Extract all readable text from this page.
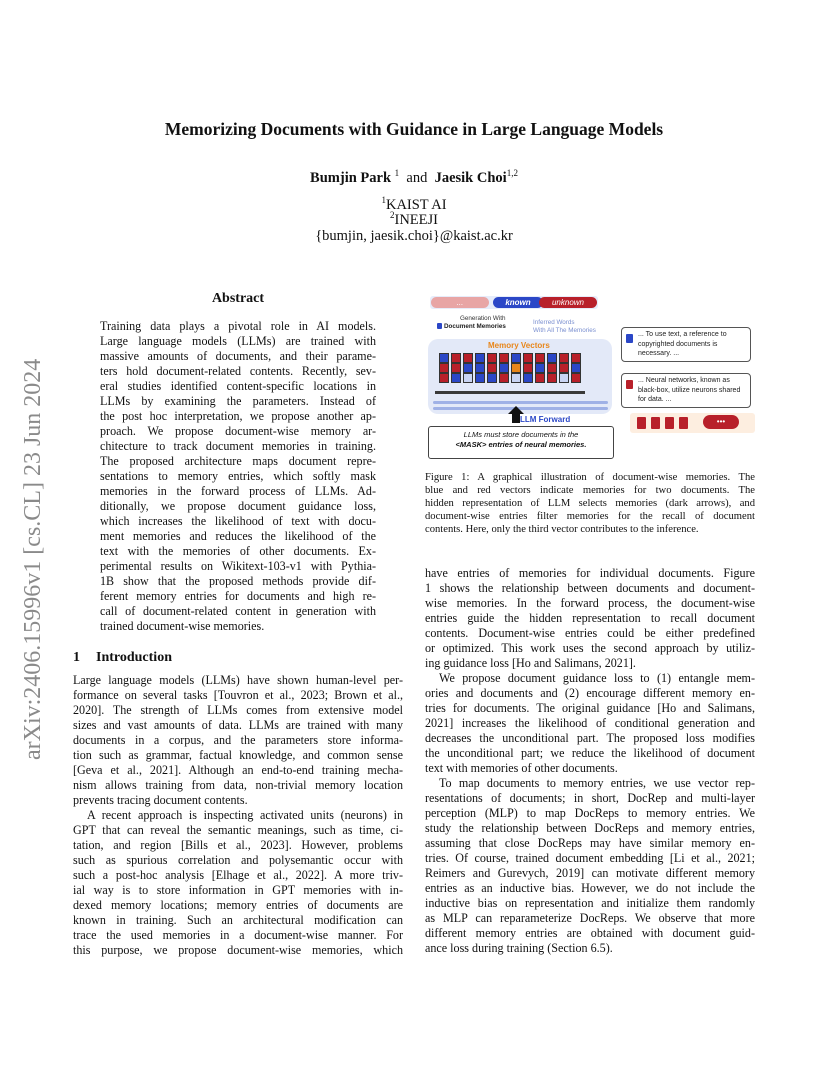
arXiv:2406.15996v1 [cs.CL] 23 Jun 2024
Memorizing Documents with Guidance in Large Language Models
Bumjin Park $^1$ and Jaesik Choi$^{1,2}$
$^1$KAIST AI
$^2$INEEJI
{bumjin, jaesik.choi}@kaist.ac.kr
Abstract
Training data plays a pivotal role in AI models.
Large language models (LLMs) are trained with
massive amounts of documents, and their parame-
ters hold document-related contents. Recently, sev-
eral studies identified content-specific locations in
LLMs by examining the parameters. Instead of
the post hoc interpretation, we propose another ap-
proach. We propose document-wise memory ar-
chitecture to track document memories in training.
The proposed architecture maps document repre-
sentations to memory entries, which softly mask
memories in the forward process of LLMs. Ad-
ditionally, we propose document guidance loss,
which increases the likelihood of text with docu-
ment memories and reduces the likelihood of the
text with the memories of other documents. Ex-
perimental results on Wikitext-103-v1 with Pythia-
1B show that the proposed methods provide dif-
ferent memory entries for documents and high re-
call of document-related content in generation with
trained document-wise memories.
1 Introduction
Large language models (LLMs) have shown human-level per-
formance on several tasks [Touvron et al., 2023; Brown et al.,
2020]. The strength of LLMs comes from extensive model
sizes and vast amounts of data. LLMs are trained with many
documents in a corpus, and the parameters store informa-
tion such as grammar, factual knowledge, and common sense
[Geva et al., 2021]. Although an end-to-end training mecha-
nism allows training from data, non-trivial memory location
prevents tracing document contents.
A recent approach is inspecting activated units (neurons) in
GPT that can reveal the semantic meanings, such as time, ci-
tation, and region [Bills et al., 2023]. However, problems
such as spurious correlation and polysemantic occur with
such a post-hoc analysis [Elhage et al., 2022]. A more triv-
ial way is to store information in GPT memories with in-
dexed memory locations; memory entries of documents are
known in training. Such an architectural modification can
trace the used memories in a document-wise manner. For
this purpose, we propose document-wise memories, which
have entries of memories for individual documents. Figure
1 shows the relationship between documents and document-
wise memories. In the forward process, the document-wise
entries guide the hidden representation to recall document
contents. Document-wise entries could be either predefined
or optimized. This work uses the second approach by utiliz-
ing guidance loss [Ho and Salimans, 2021].
We propose document guidance loss to (1) entangle mem-
ories and documents and (2) encourage different memory en-
tries for documents. The original guidance [Ho and Salimans,
2021] increases the likelihood of conditional generation and
decreases the unconditional part. The proposed loss modifies
the unconditional part; we reduce the likelihood of document
text with memories of other documents.
To map documents to memory entries, we use vector rep-
resentations of documents; in short, DocRep and multi-layer
perception (MLP) to map DocReps to memory entries. We
study the relationship between DocReps and memory entries,
assuming that close DocReps may have similar memory en-
tries. Of course, trained document embedding [Li et al., 2021;
Reimers and Gurevych, 2019] can motivate different memory
entries as an inductive bias. However, we do not include the
inductive bias on representation and initialize them randomly
as MLP can reparameterize DocReps. We observe that more
different memory entries are obtained with document guid-
ance loss during training (Section 6.5).
...	known	unknown
Generation With
Document Memories
Inferred Words
With All The Memories
Memory Vectors
LLM Forward
LLMs must store documents in the
<MASK> entries of neural memories.
... To use text, a reference to copyrighted documents is necessary. ...
... Neural networks, known as black-box, utilize neurons shared for data. ...
•••
Figure 1: A graphical illustration of document-wise memories. The
blue and red vectors indicate memories for two documents. The
hidden representation of LLM selects memories (dark arrows), and
document-wise entries filter memories for the recall of document
contents. Here, only the third vector contributes to the inference.
